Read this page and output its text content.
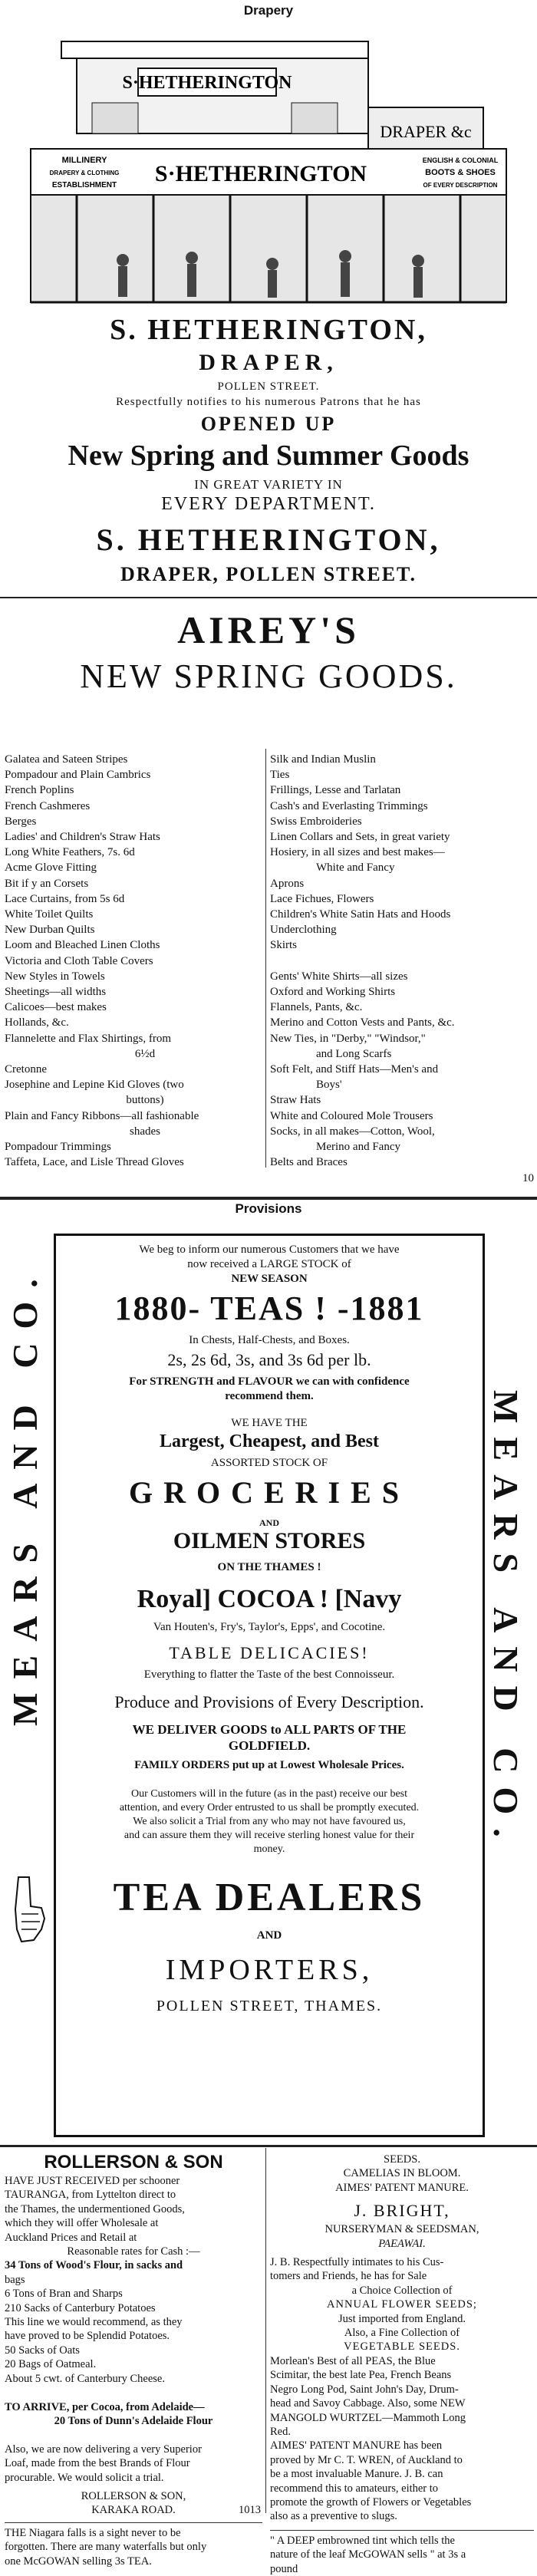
Drapery
S·HETHERINGTON
DRAPER &c
S·HETHERINGTON
MILLINERY
DRAPERY & CLOTHING
ESTABLISHMENT
ENGLISH & COLONIAL
BOOTS & SHOES
OF EVERY DESCRIPTION
S. HETHERINGTON,
DRAPER,
POLLEN STREET.
Respectfully notifies to his numerous Patrons that he has
OPENED UP
New Spring and Summer Goods
IN GREAT VARIETY IN
EVERY DEPARTMENT.
S. HETHERINGTON,
DRAPER, POLLEN STREET.
AIREY'S
NEW SPRING GOODS.
Galatea and Sateen Stripes
Pompadour and Plain Cambrics
French Poplins
French Cashmeres
Berges
Ladies' and Children's Straw Hats
Long White Feathers, 7s. 6d
Acme Glove Fitting
Bit if y an Corsets
Lace Curtains, from 5s 6d
White Toilet Quilts
New Durban Quilts
Loom and Bleached Linen Cloths
Victoria and Cloth Table Covers
New Styles in Towels
Sheetings—all widths
Calicoes—best makes
Hollands, &c.
Flannelette and Flax Shirtings, from
6½d
Cretonne
Josephine and Lepine Kid Gloves (two
buttons)
Plain and Fancy Ribbons—all fashionable
shades
Pompadour Trimmings
Taffeta, Lace, and Lisle Thread Gloves
Silk and Indian Muslin
Ties
Frillings, Lesse and Tarlatan
Cash's and Everlasting Trimmings
Swiss Embroideries
Linen Collars and Sets, in great variety
Hosiery, in all sizes and best makes—
White and Fancy
Aprons
Lace Fichues, Flowers
Children's White Satin Hats and Hoods
Underclothing
Skirts

Gents' White Shirts—all sizes
Oxford and Working Shirts
Flannels, Pants, &c.
Merino and Cotton Vests and Pants, &c.
New Ties, in "Derby," "Windsor,"
and Long Scarfs
Soft Felt, and Stiff Hats—Men's and
Boys'
Straw Hats
White and Coloured Mole Trousers
Socks, in all makes—Cotton, Wool,
Merino and Fancy
Belts and Braces
10
Provisions
MEARS AND CO.	MEARS AND CO.
We beg to inform our numerous Customers that we have
now received a LARGE STOCK of
NEW SEASON
1880- TEAS ! -1881
In Chests, Half-Chests, and Boxes.
2s, 2s 6d, 3s, and 3s 6d per lb.
For STRENGTH and FLAVOUR we can with confidence
recommend them.
WE HAVE THE
Largest, Cheapest, and Best
ASSORTED STOCK OF
GROCERIES
AND
OILMEN STORES
ON THE THAMES !
Royal] COCOA ! [Navy
Van Houten's, Fry's, Taylor's, Epps', and Cocotine.
TABLE DELICACIES!
Everything to flatter the Taste of the best Connoisseur.
Produce and Provisions of Every Description.
WE DELIVER GOODS to ALL PARTS OF THE
GOLDFIELD.
FAMILY ORDERS put up at Lowest Wholesale Prices.
Our Customers will in the future (as in the past) receive our best
attention, and every Order entrusted to us shall be promptly executed.
We also solicit a Trial from any who may not have favoured us,
and can assure them they will receive sterling honest value for their
money.
TEA DEALERS
AND
IMPORTERS,
POLLEN STREET, THAMES.
ROLLERSON & SON
HAVE JUST RECEIVED per schooner
TAURANGA, from Lyttelton direct to
the Thames, the undermentioned Goods,
which they will offer Wholesale at
Auckland Prices and Retail at
Reasonable rates for Cash :—
34 Tons of Wood's Flour, in sacks and
bags
6 Tons of Bran and Sharps
210 Sacks of Canterbury Potatoes
This line we would recommend, as they
have proved to be Splendid Potatoes.
50 Sacks of Oats
20 Bags of Oatmeal.
About 5 cwt. of Canterbury Cheese.

TO ARRIVE, per Cocoa, from Adelaide—
20 Tons of Dunn's Adelaide Flour

Also, we are now delivering a very Superior
Loaf, made from the best Brands of Flour
procurable. We would solicit a trial.
ROLLERSON & SON,
KARAKA ROAD.	1013
THE Niagara falls is a sight never to be
forgotten. There are many waterfalls but only
one McGOWAN selling 3s TEA.
SEEDS.
CAMELIAS IN BLOOM.
AIMES' PATENT MANURE.
J. BRIGHT,
NURSERYMAN & SEEDSMAN,
PAEAWAI.
J. B. Respectfully intimates to his Cus-
tomers and Friends, he has for Sale
a Choice Collection of
ANNUAL FLOWER SEEDS;
Just imported from England.
Also, a Fine Collection of
VEGETABLE SEEDS.
Morlean's Best of all PEAS, the Blue
Scimitar, the best late Pea, French Beans
Negro Long Pod, Saint John's Day, Drum-
head and Savoy Cabbage. Also, some NEW
MANGOLD WURTZEL—Mammoth Long
Red.
AIMES' PATENT MANURE has been
proved by Mr C. T. WREN, of Auckland to
be a most invaluable Manure. J. B. can
recommend this to amateurs, either to
promote the growth of Flowers or Vegetables
also as a preventive to slugs.
" A DEEP embrowned tint which tells the
nature of the leaf McGOWAN sells " at 3s a
pound
